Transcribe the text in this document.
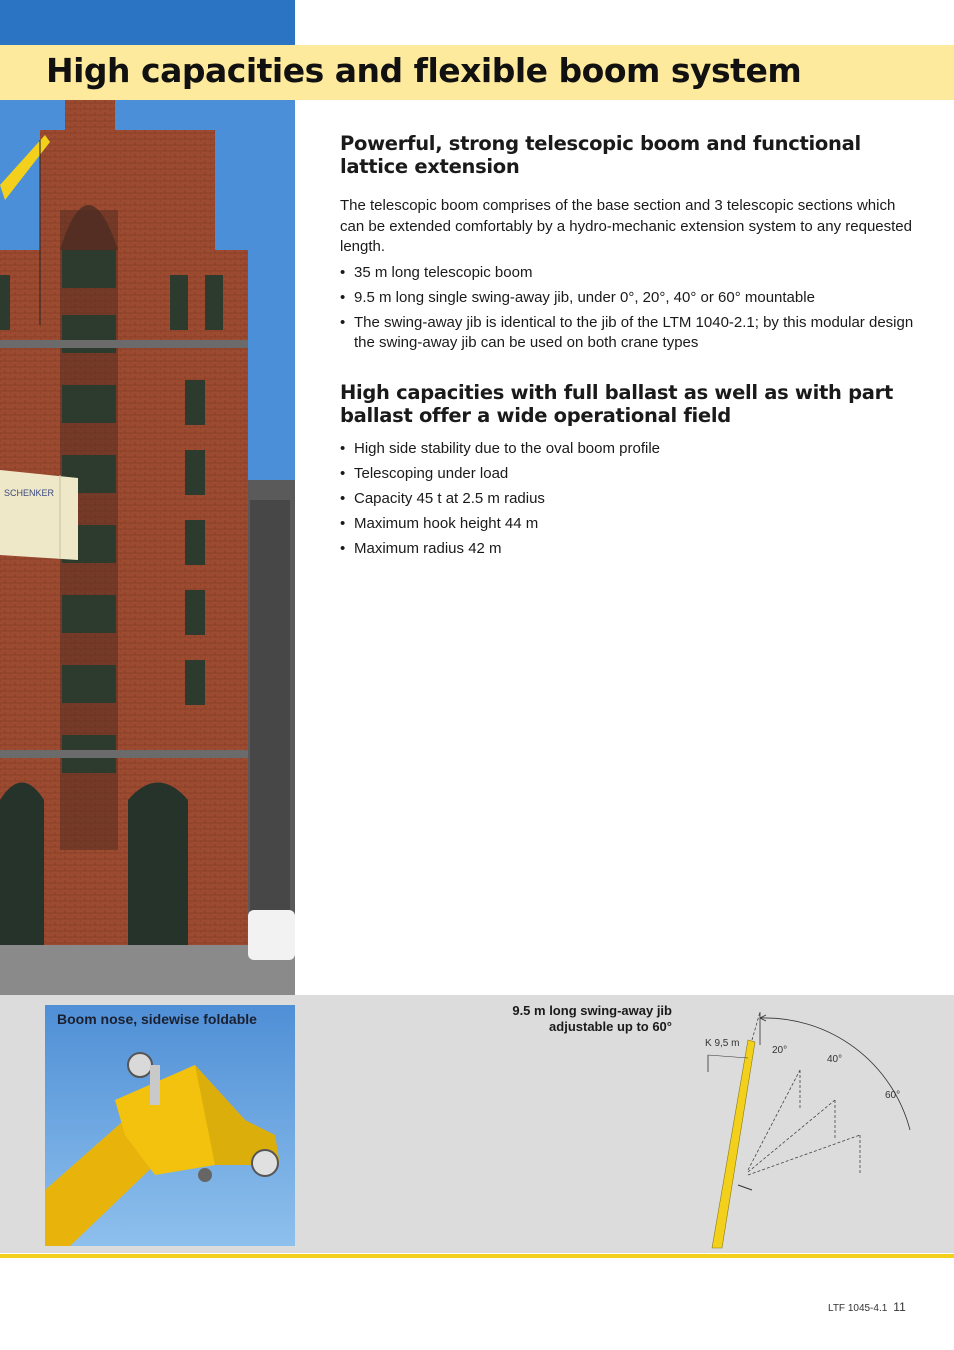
High capacities and flexible boom system
SCHENKER
Powerful, strong telescopic boom and functional lattice extension

The telescopic boom comprises of the base section and 3 telescopic sections which can be extended comfortably by a hydro-mechanic extension system to any requested length.

• 35 m long telescopic boom
• 9.5 m long single swing-away jib, under 0°, 20°, 40° or 60° mountable
• The swing-away jib is identical to the jib of the LTM 1040-2.1; by this modular design the swing-away jib can be used on both crane types
High capacities with full ballast as well as with part ballast offer a wide operational field
• High side stability due to the oval boom profile
• Telescoping under load
• Capacity 45 t at 2.5 m radius
• Maximum hook height 44 m
• Maximum radius 42 m
Boom nose, sidewise foldable
9.5 m long swing-away jib adjustable up to 60°
K 9,5 m
20°
40°
60°
LTF 1045-4.1 11
